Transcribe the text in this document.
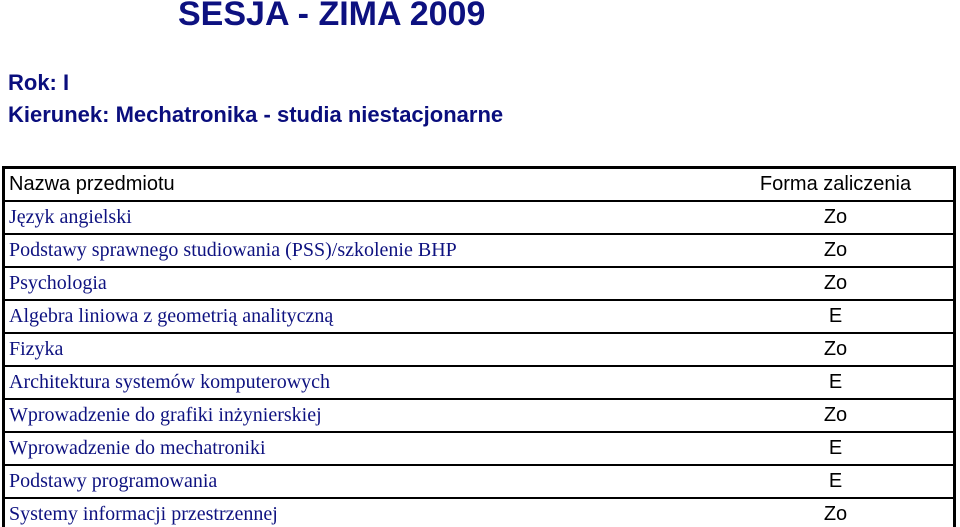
SESJA - ZIMA 2009
Rok: I
Kierunek: Mechatronika - studia niestacjonarne
Nazwa przedmiotu	Forma zaliczenia
Język angielski	Zo
Podstawy sprawnego studiowania (PSS)/szkolenie BHP	Zo
Psychologia	Zo
Algebra liniowa z geometrią analityczną	E
Fizyka	Zo
Architektura systemów komputerowych	E
Wprowadzenie do grafiki inżynierskiej	Zo
Wprowadzenie do mechatroniki	E
Podstawy programowania	E
Systemy informacji przestrzennej	Zo
